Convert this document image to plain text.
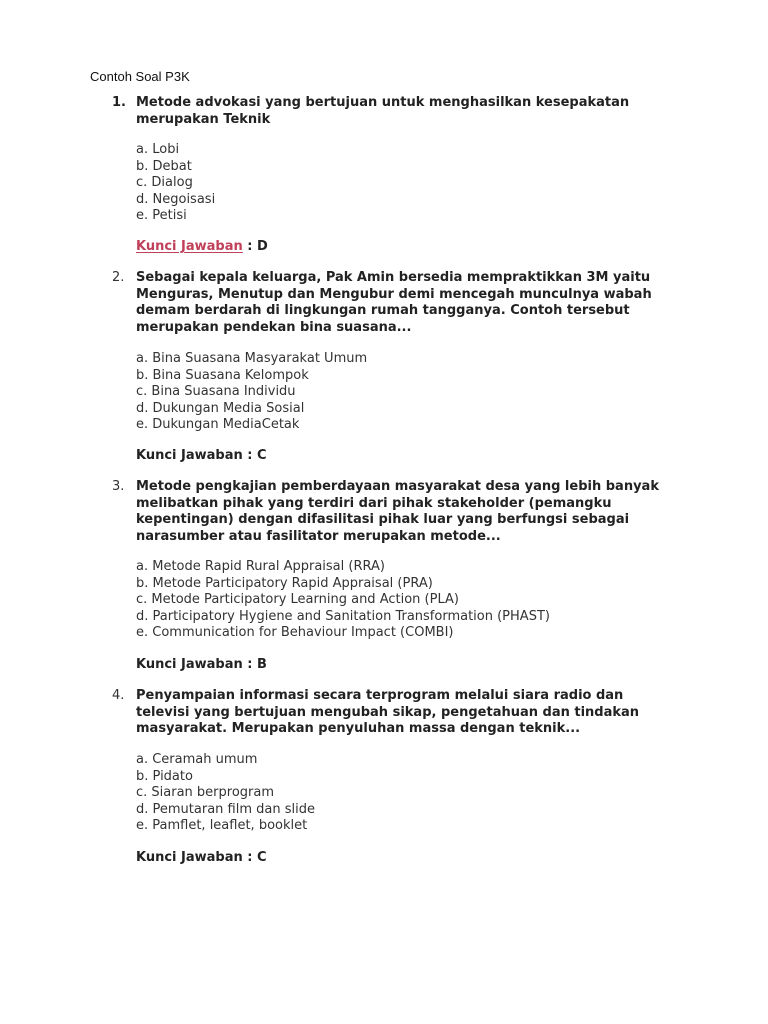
Contoh Soal P3K
1. Metode advokasi yang bertujuan untuk menghasilkan kesepakatan
merupakan Teknik
a. Lobi
b. Debat
c. Dialog
d. Negoisasi
e. Petisi
Kunci Jawaban : D
2. Sebagai kepala keluarga, Pak Amin bersedia mempraktikkan 3M yaitu
Menguras, Menutup dan Mengubur demi mencegah munculnya wabah
demam berdarah di lingkungan rumah tangganya. Contoh tersebut
merupakan pendekan bina suasana...
a. Bina Suasana Masyarakat Umum
b. Bina Suasana Kelompok
c. Bina Suasana Individu
d. Dukungan Media Sosial
e. Dukungan MediaCetak
Kunci Jawaban : C
3. Metode pengkajian pemberdayaan masyarakat desa yang lebih banyak
melibatkan pihak yang terdiri dari pihak stakeholder (pemangku
kepentingan) dengan difasilitasi pihak luar yang berfungsi sebagai
narasumber atau fasilitator merupakan metode...
a. Metode Rapid Rural Appraisal (RRA)
b. Metode Participatory Rapid Appraisal (PRA)
c. Metode Participatory Learning and Action (PLA)
d. Participatory Hygiene and Sanitation Transformation (PHAST)
e. Communication for Behaviour Impact (COMBI)
Kunci Jawaban : B
4. Penyampaian informasi secara terprogram melalui siara radio dan
televisi yang bertujuan mengubah sikap, pengetahuan dan tindakan
masyarakat. Merupakan penyuluhan massa dengan teknik...
a. Ceramah umum
b. Pidato
c. Siaran berprogram
d. Pemutaran film dan slide
e. Pamflet, leaflet, booklet
Kunci Jawaban : C
